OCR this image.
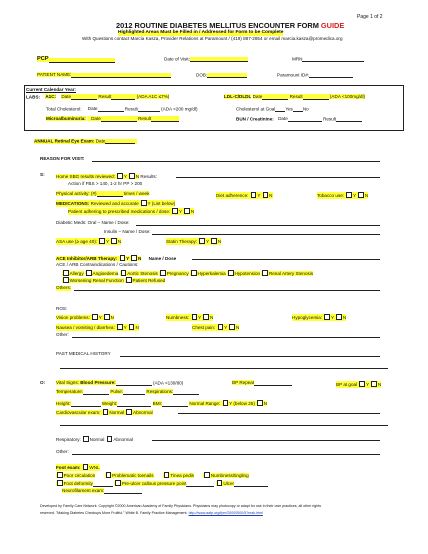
Page 1 of 2
2012 ROUTINE DIABETES MELLITUS ENCOUNTER FORM GUIDE
Highlighted Areas Must be Filled in / Addressed for Form to be Complete
With Questions contact Marcia Kasza, Provider Relations at Paramount / (419) 887-2854 or email marcia.kasza@promedica.org
PCP	Date of Visit:	MRN
PATIENT NAME:	DOB:	Paramount ID#:
Current Calendar Year:
LABS: A1C: Date	Result	(ADA A1C ≤7%)	LDL-C/DLDL Date	Result	(ADA <100mg/dl)
Total Cholesterol: Date	Result	(ADA <200 mg/dl)	Cholesterol at Goal Yes No
Microalbuminuria: Date	Result	BUN / Creatinine: Date	Result
ANNUAL Retinal Eye Exam: Date
REASON FOR VISIT:
S: Home SBG results reviewed: Y N Results:
Action if FBS > 140, 1-2 hr PP > 200
Physical activity: (#)	times / week	Diet adherence: Y N	Tobacco use: Y N
MEDICATIONS: Reviewed and accurate Y (List below)
Patient adhering to prescribed medications / dose: Y N
Diabetic Meds: Oral – Name / Dose:
Insulin – Name / Dose:
ASA use (≥ age 40): Y N	Statin Therapy: Y N
ACE Inhibitor/ARB Therapy: Y N Name / Dose
ACE / ARB Contraindications / Cautions:
Allergy Angioedema Aortic Stenosis Pregnancy Hyperkalemia Hypotension Renal Artery Stenosis
Worsening Renal Function Patient Refused
Others:
ROS:
Vision problems: Y N	Numbness: Y N	Hypoglycemia: Y N
Nausea / vomiting / diarrhea: Y N	Chest pain: Y N
Other:
PAST MEDICAL HISTORY
O: Vital Signs: Blood Pressure:	(ADA <130/80)	BP Repeat	BP at goal Y N
Temperature:	Pulse:	Respirations:
Height:	Weight:	BMI:	Normal Range: Y (below 25) N
Cardiovascular exam: Normal Abnormal
Respiratory: Normal Abnormal
Other:
Foot exam: WNL
Poor circulation	Problematic toenails	Tinea pedis	Numbness/tingling
Foot deformity	Pre-ulcer callous pressure point	Ulcer
Neurofilament exam:
Developed by Family Care Network. Copyright ©2000 American Academy of Family Physicians. Physicians may photocopy or adapt for use in their own practices, all other rights
reserved. "Making Diabetes Checkups More Fruitful." White B. Family Practice Management. http://www.aafp.org/fpm/20000500/5?mak.html
